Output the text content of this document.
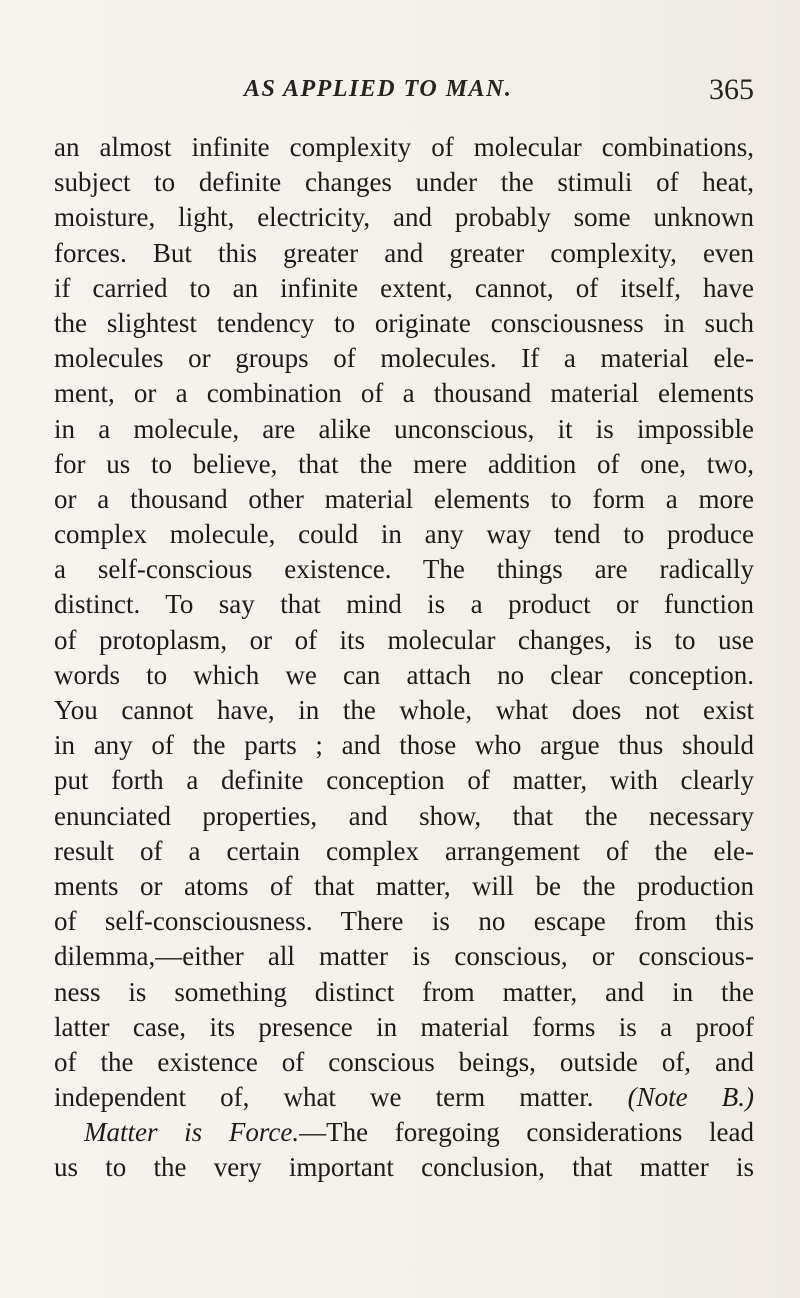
AS APPLIED TO MAN.	365
an almost infinite complexity of molecular combinations,
subject to definite changes under the stimuli of heat,
moisture, light, electricity, and probably some unknown
forces. But this greater and greater complexity, even
if carried to an infinite extent, cannot, of itself, have
the slightest tendency to originate consciousness in such
molecules or groups of molecules. If a material ele-
ment, or a combination of a thousand material elements
in a molecule, are alike unconscious, it is impossible
for us to believe, that the mere addition of one, two,
or a thousand other material elements to form a more
complex molecule, could in any way tend to produce
a self-conscious existence. The things are radically
distinct. To say that mind is a product or function
of protoplasm, or of its molecular changes, is to use
words to which we can attach no clear conception.
You cannot have, in the whole, what does not exist
in any of the parts ; and those who argue thus should
put forth a definite conception of matter, with clearly
enunciated properties, and show, that the necessary
result of a certain complex arrangement of the ele-
ments or atoms of that matter, will be the production
of self-consciousness. There is no escape from this
dilemma,—either all matter is conscious, or conscious-
ness is something distinct from matter, and in the
latter case, its presence in material forms is a proof
of the existence of conscious beings, outside of, and
independent of, what we term matter. (Note B.)
Matter is Force.—The foregoing considerations lead
us to the very important conclusion, that matter is
